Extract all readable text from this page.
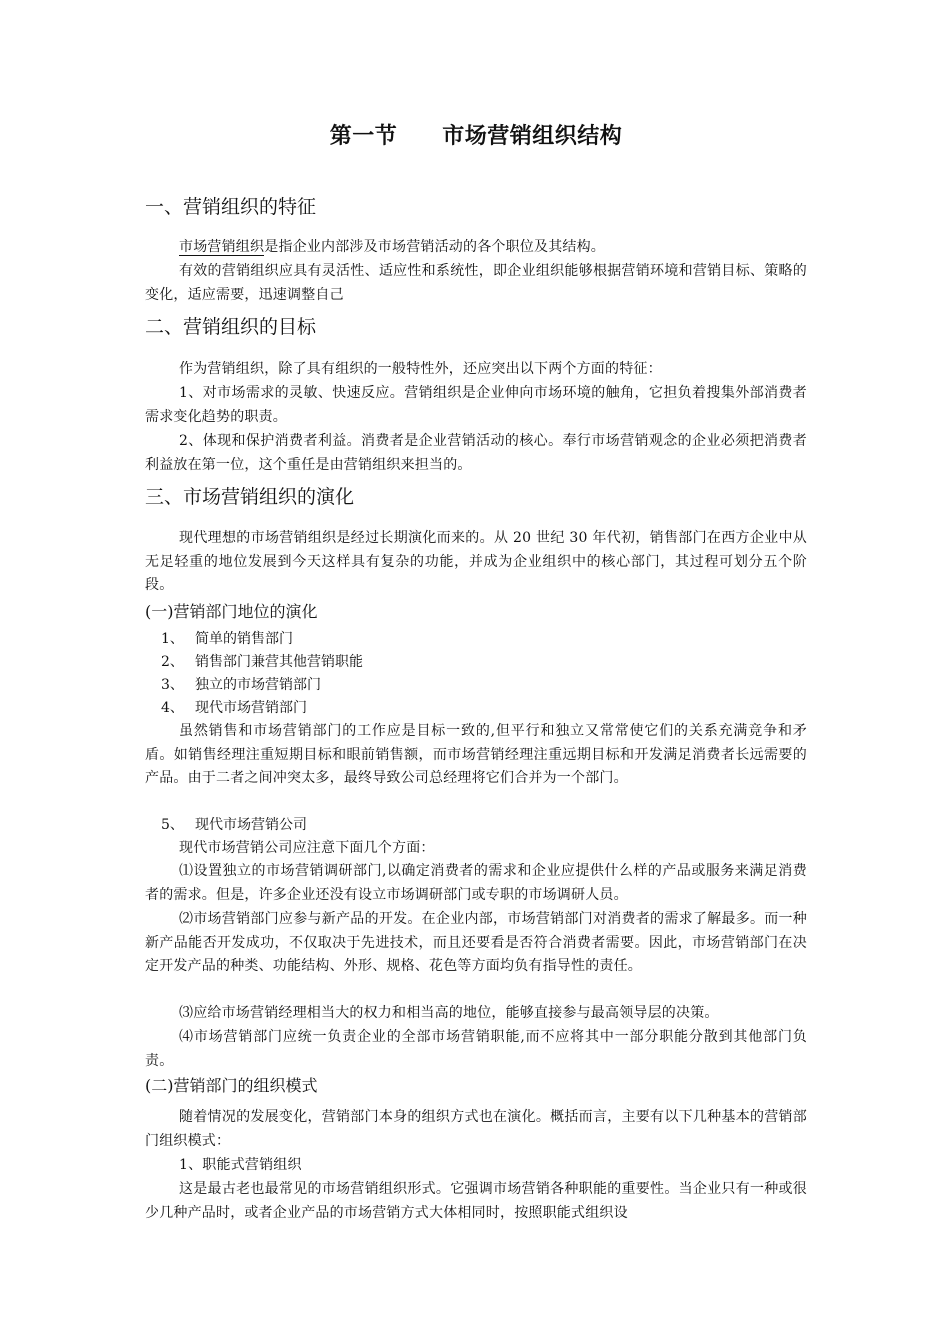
第一节　　市场营销组织结构
一、营销组织的特征
市场营销组织是指企业内部涉及市场营销活动的各个职位及其结构。
有效的营销组织应具有灵活性、适应性和系统性，即企业组织能够根据营销环境和营销目标、策略的变化，适应需要，迅速调整自己
二、营销组织的目标
作为营销组织，除了具有组织的一般特性外，还应突出以下两个方面的特征：
1、对市场需求的灵敏、快速反应。营销组织是企业伸向市场环境的触角，它担负着搜集外部消费者需求变化趋势的职责。
2、体现和保护消费者利益。消费者是企业营销活动的核心。奉行市场营销观念的企业必须把消费者利益放在第一位，这个重任是由营销组织来担当的。
三、市场营销组织的演化
现代理想的市场营销组织是经过长期演化而来的。从 20 世纪 30 年代初，销售部门在西方企业中从无足轻重的地位发展到今天这样具有复杂的功能，并成为企业组织中的核心部门，其过程可划分五个阶段。
(一)营销部门地位的演化
1、 简单的销售部门
2、 销售部门兼营其他营销职能
3、 独立的市场营销部门
4、 现代市场营销部门
虽然销售和市场营销部门的工作应是目标一致的,但平行和独立又常常使它们的关系充满竞争和矛盾。如销售经理注重短期目标和眼前销售额，而市场营销经理注重远期目标和开发满足消费者长远需要的产品。由于二者之间冲突太多，最终导致公司总经理将它们合并为一个部门。
5、 现代市场营销公司
现代市场营销公司应注意下面几个方面：
⑴设置独立的市场营销调研部门,以确定消费者的需求和企业应提供什么样的产品或服务来满足消费者的需求。但是，许多企业还没有设立市场调研部门或专职的市场调研人员。
⑵市场营销部门应参与新产品的开发。在企业内部，市场营销部门对消费者的需求了解最多。而一种新产品能否开发成功，不仅取决于先进技术，而且还要看是否符合消费者需要。因此，市场营销部门在决定开发产品的种类、功能结构、外形、规格、花色等方面均负有指导性的责任。
⑶应给市场营销经理相当大的权力和相当高的地位，能够直接参与最高领导层的决策。
⑷市场营销部门应统一负责企业的全部市场营销职能,而不应将其中一部分职能分散到其他部门负责。
(二)营销部门的组织模式
随着情况的发展变化，营销部门本身的组织方式也在演化。概括而言，主要有以下几种基本的营销部门组织模式：
1、职能式营销组织
这是最古老也最常见的市场营销组织形式。它强调市场营销各种职能的重要性。当企业只有一种或很少几种产品时，或者企业产品的市场营销方式大体相同时，按照职能式组织设
